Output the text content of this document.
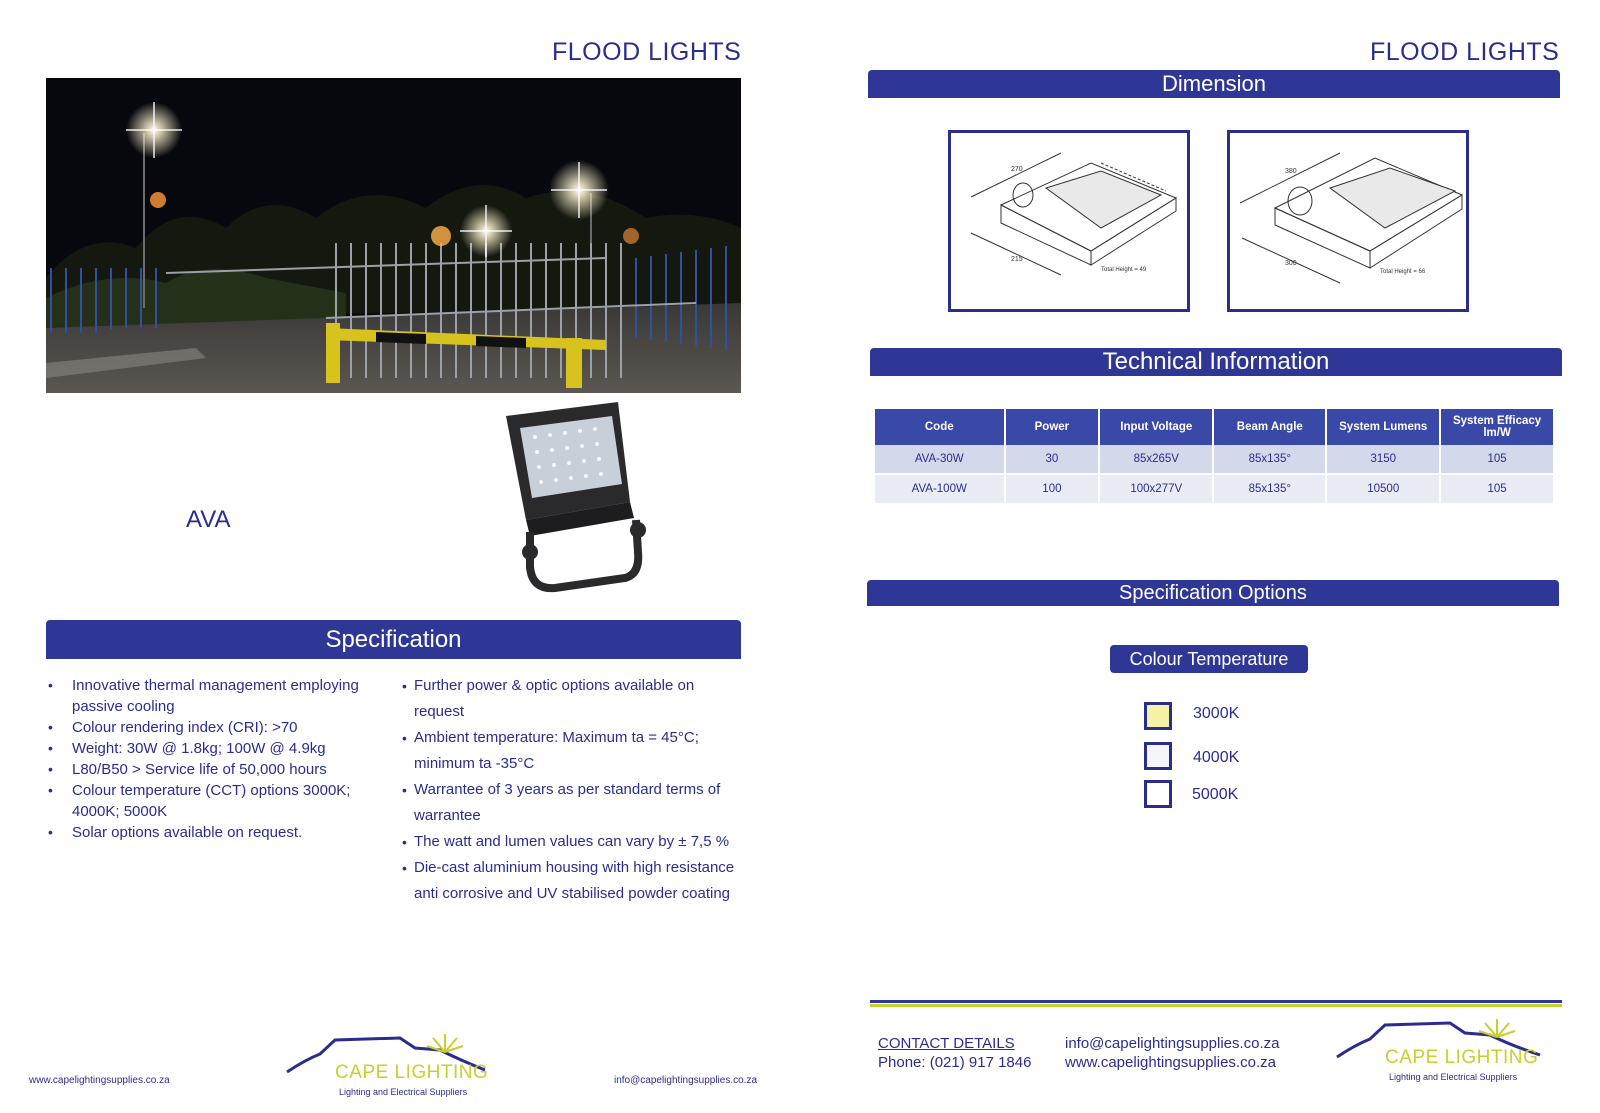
FLOOD LIGHTS
AVA
Specification
• Innovative thermal management employing passive cooling
• Colour rendering index (CRI): >70
• Weight: 30W @ 1.8kg; 100W @ 4.9kg
• L80/B50 > Service life of 50,000 hours
• Colour temperature (CCT) options 3000K; 4000K; 5000K
• Solar options available on request.
• Further power & optic options available on request
• Ambient temperature: Maximum ta = 45°C; minimum ta -35°C
• Warrantee of 3 years as per standard terms of warrantee
• The watt and lumen values can vary by ± 7,5 %
• Die-cast aluminium housing with high resistance anti corrosive and UV stabilised powder coating
www.capelightingsupplies.co.za	CAPE LIGHTING
Lighting and Electrical Suppliers
info@capelightingsupplies.co.za
FLOOD LIGHTS
Dimension
270
215
Total Height = 49
380
300
Total Height = 66
Technical Information
Code	Power	Input Voltage	Beam Angle	System Lumens	System Efficacy lm/W
AVA-30W	30	85x265V	85x135°	3150	105
AVA-100W	100	100x277V	85x135°	10500	105
Specification Options
Colour Temperature
3000K
4000K
5000K
CONTACT DETAILS
Phone: (021) 917 1846
info@capelightingsupplies.co.za
www.capelightingsupplies.co.za	CAPE LIGHTING
Lighting and Electrical Suppliers
